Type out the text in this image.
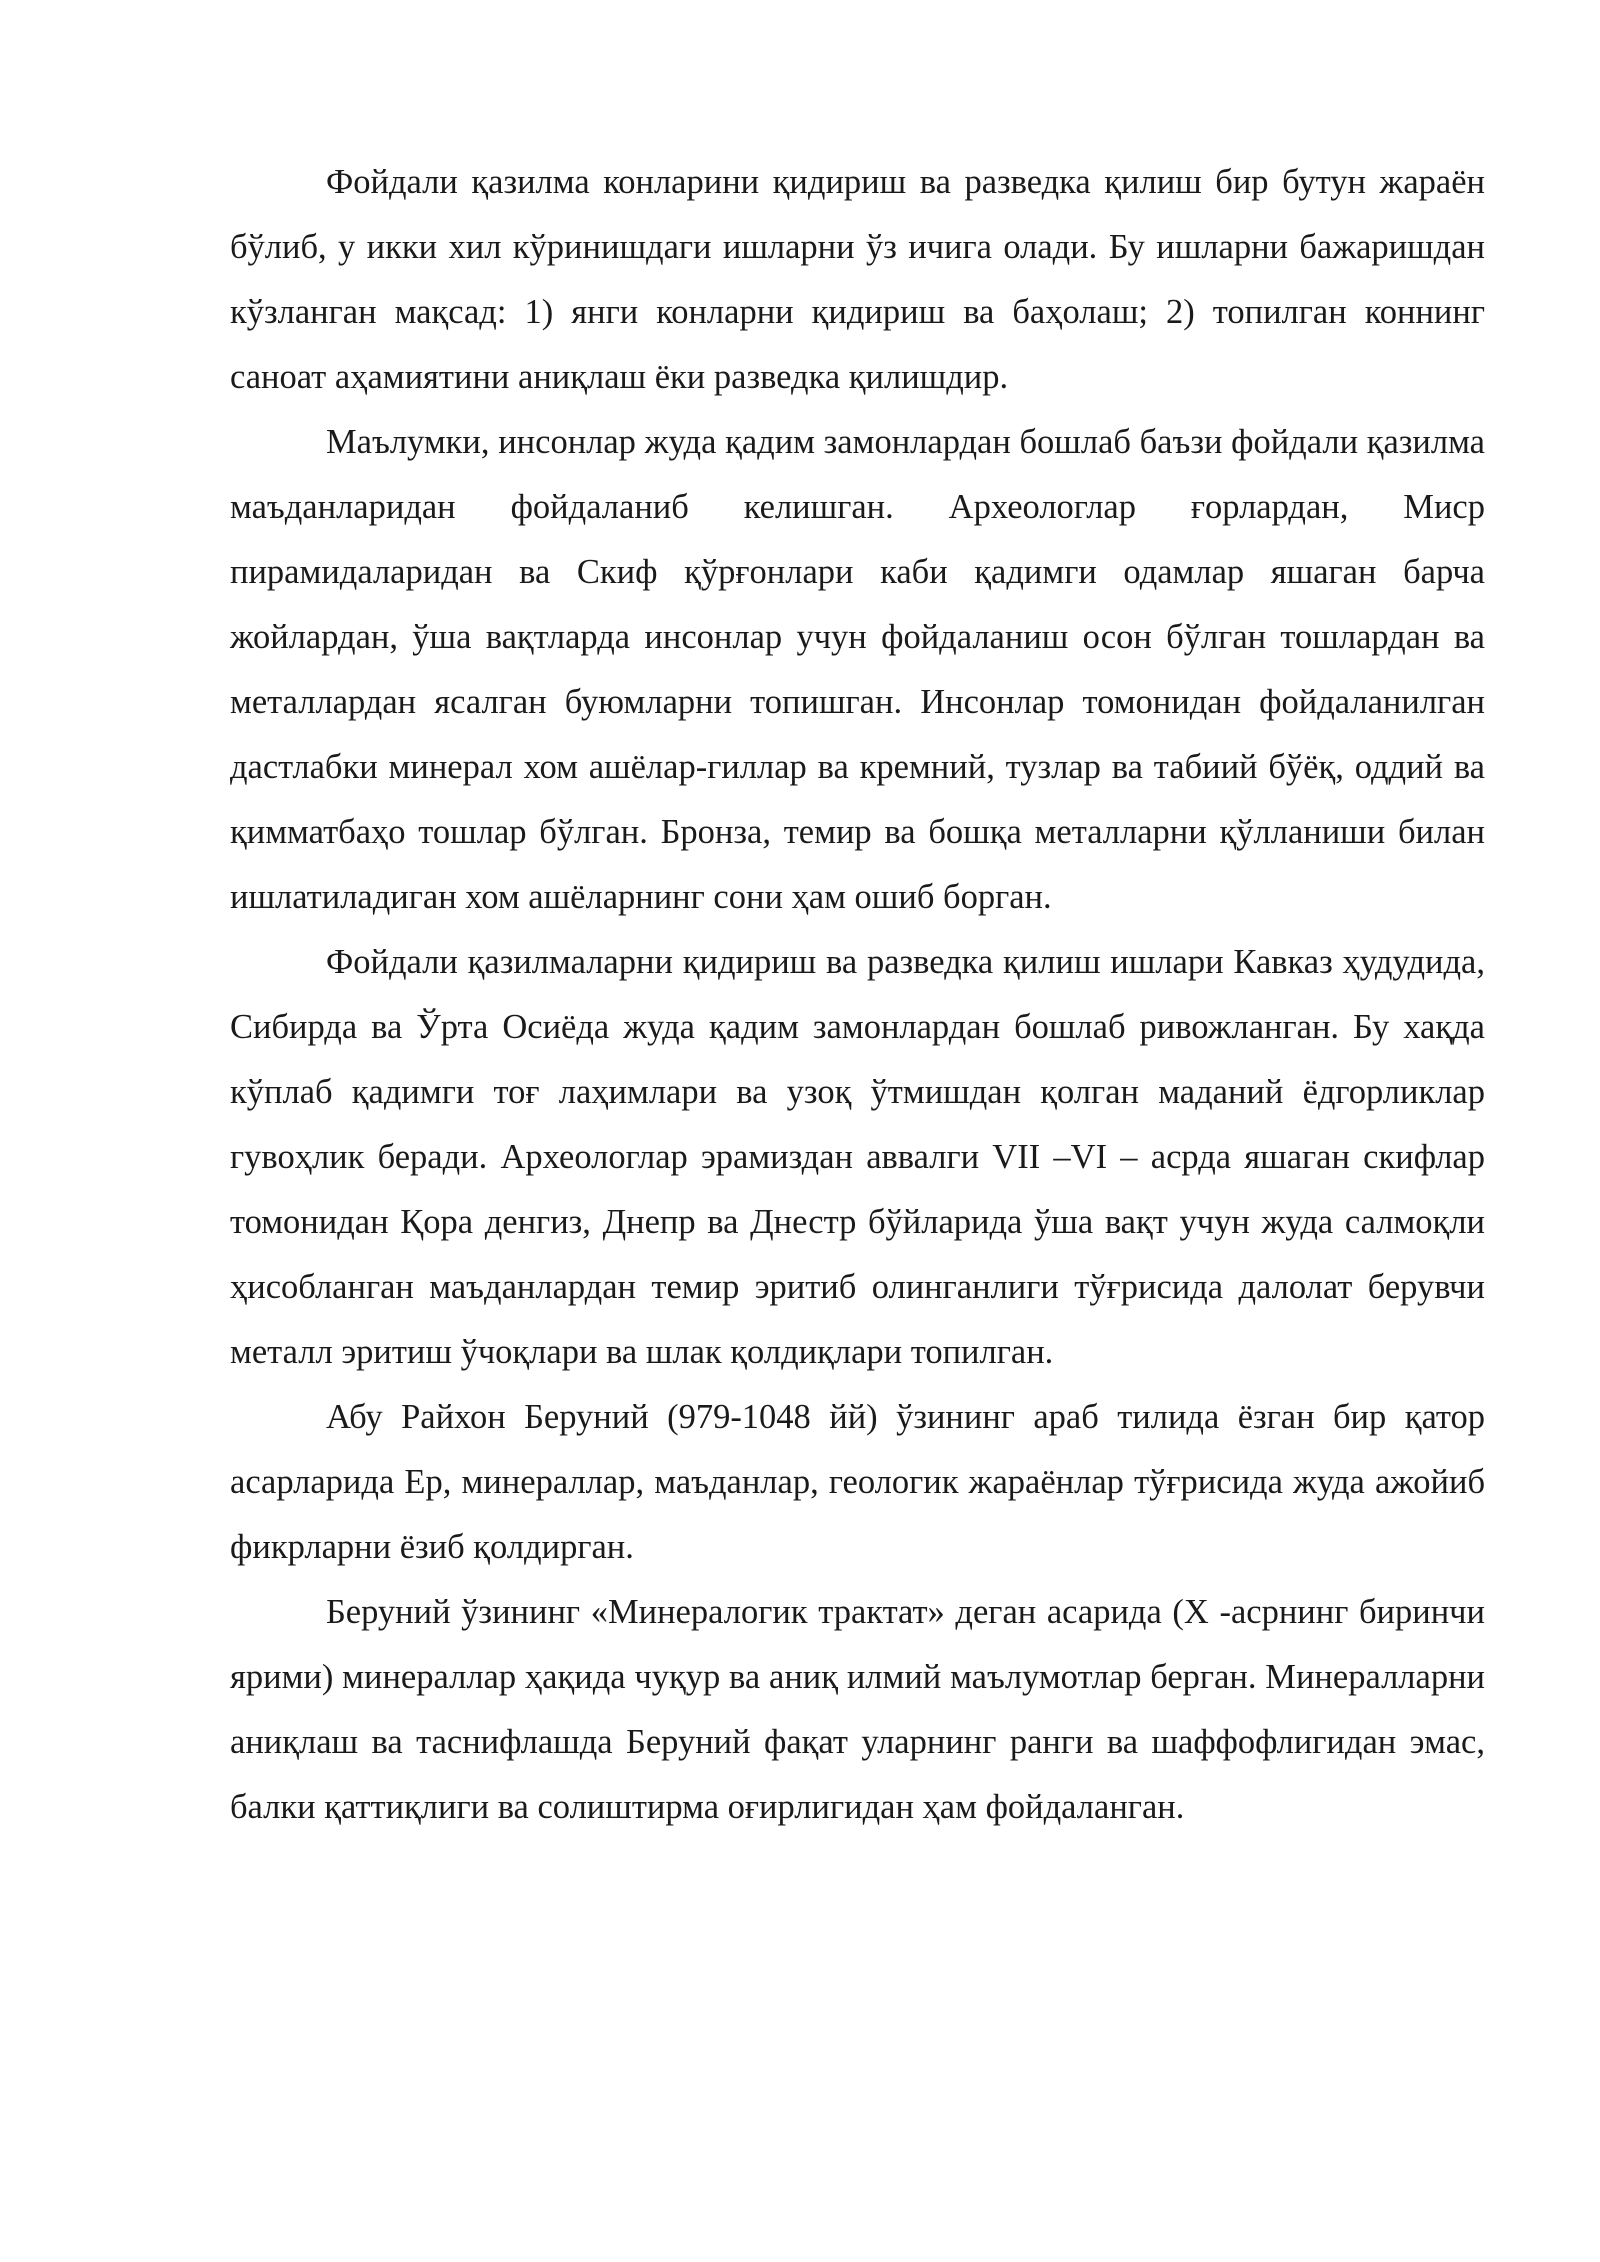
Фойдали қазилма конларини қидириш ва разведка қилиш бир бутун жараён бўлиб, у икки хил кўринишдаги ишларни ўз ичига олади. Бу ишларни бажаришдан кўзланган мақсад: 1) янги конларни қидириш ва баҳолаш; 2) топилган коннинг саноат аҳамиятини аниқлаш ёки разведка қилишдир.

Маълумки, инсонлар жуда қадим замонлардан бошлаб баъзи фойдали қазилма маъданларидан фойдаланиб келишган. Археологлар ғорлардан, Миср пирамидаларидан ва Скиф қўрғонлари каби қадимги одамлар яшаган барча жойлардан, ўша вақтларда инсонлар учун фойдаланиш осон бўлган тошлардан ва металлардан ясалган буюмларни топишган. Инсонлар томонидан фойдаланилган дастлабки минерал хом ашёлар-гиллар ва кремний, тузлар ва табиий бўёқ, оддий ва қимматбаҳо тошлар бўлган. Бронза, темир ва бошқа металларни қўлланиши билан ишлатиладиган хом ашёларнинг сони ҳам ошиб борган.

Фойдали қазилмаларни қидириш ва разведка қилиш ишлари Кавказ ҳудудида, Сибирда ва Ўрта Осиёда жуда қадим замонлардан бошлаб ривожланган. Бу хақда кўплаб қадимги тоғ лаҳимлари ва узоқ ўтмишдан қолган маданий ёдгорликлар гувоҳлик беради. Археологлар эрамиздан аввалги VII –VI – асрда яшаган скифлар томонидан Қора денгиз, Днепр ва Днестр бўйларида ўша вақт учун жуда салмоқли ҳисобланган маъданлардан темир эритиб олинганлиги тўғрисида далолат берувчи металл эритиш ўчоқлари ва шлак қолдиқлари топилган.

Абу Райхон Беруний (979-1048 йй) ўзининг араб тилида ёзган бир қатор асарларида Ер, минераллар, маъданлар, геологик жараёнлар тўғрисида жуда ажойиб фикрларни ёзиб қолдирган.

Беруний ўзининг «Минералогик трактат» деган асарида (X -асрнинг биринчи ярими) минераллар ҳақида чуқур ва аниқ илмий маълумотлар берган. Минералларни аниқлаш ва таснифлашда Беруний фақат уларнинг ранги ва шаффофлигидан эмас, балки қаттиқлиги ва солиштирма оғирлигидан ҳам фойдаланган.
